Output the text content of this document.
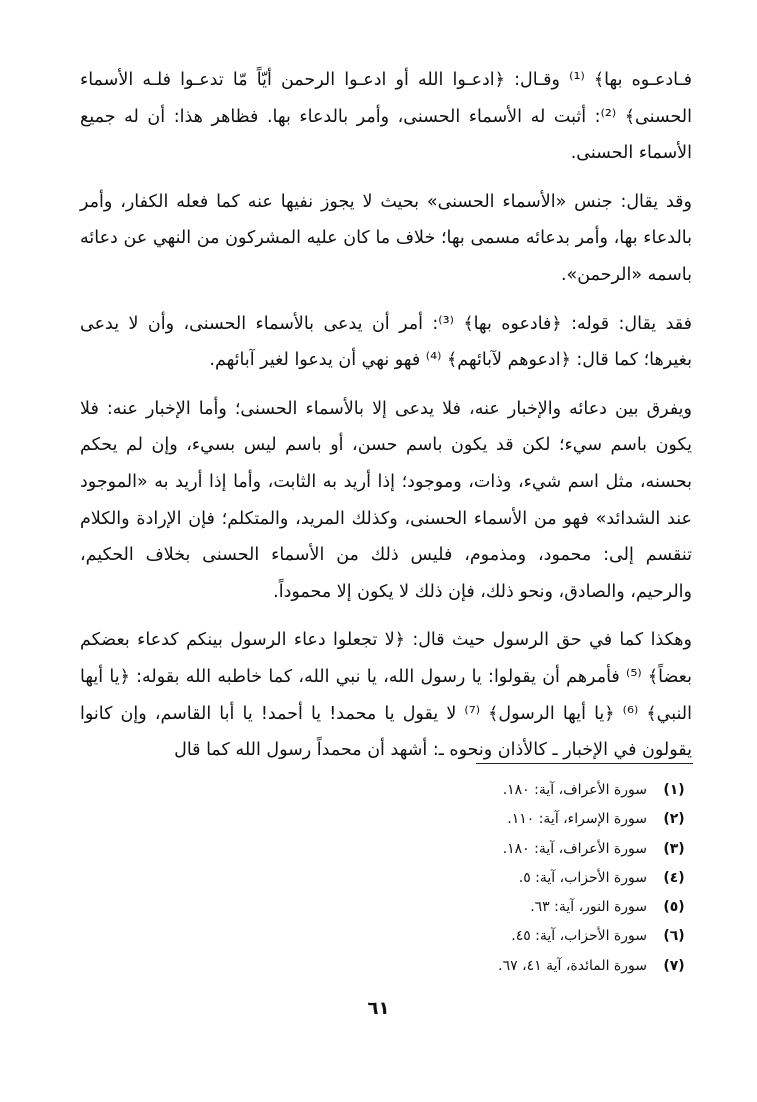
فـادعـوه بها﴾ ⁽¹⁾ وقـال: ﴿ادعـوا الله أو ادعـوا الرحمن أيّاً مّا تدعـوا فلـه الأسماء الحسنى﴾ ⁽²⁾: أثبت له الأسماء الحسنى، وأمر بالدعاء بها. فظاهر هذا: أن له جميع الأسماء الحسنى.

وقد يقال: جنس «الأسماء الحسنى» بحيث لا يجوز نفيها عنه كما فعله الكفار، وأمر بالدعاء بها، وأمر بدعائه مسمى بها؛ خلاف ما كان عليه المشركون من النهي عن دعائه باسمه «الرحمن».

فقد يقال: قوله: ﴿فادعوه بها﴾ ⁽³⁾: أمر أن يدعى بالأسماء الحسنى، وأن لا يدعى بغيرها؛ كما قال: ﴿ادعوهم لآبائهم﴾ ⁽⁴⁾ فهو نهي أن يدعوا لغير آبائهم.

ويفرق بين دعائه والإخبار عنه، فلا يدعى إلا بالأسماء الحسنى؛ وأما الإخبار عنه: فلا يكون باسم سيء؛ لكن قد يكون باسم حسن، أو باسم ليس بسيء، وإن لم يحكم بحسنه، مثل اسم شيء، وذات، وموجود؛ إذا أريد به الثابت، وأما إذا أريد به «الموجود عند الشدائد» فهو من الأسماء الحسنى، وكذلك المريد، والمتكلم؛ فإن الإرادة والكلام تنقسم إلى: محمود، ومذموم، فليس ذلك من الأسماء الحسنى بخلاف الحكيم، والرحيم، والصادق، ونحو ذلك، فإن ذلك لا يكون إلا محموداً.

وهكذا كما في حق الرسول حيث قال: ﴿لا تجعلوا دعاء الرسول بينكم كدعاء بعضكم بعضاً﴾ ⁽⁵⁾ فأمرهم أن يقولوا: يا رسول الله، يا نبي الله، كما خاطبه الله بقوله: ﴿يا أيها النبي﴾ ⁽⁶⁾ ﴿يا أيها الرسول﴾ ⁽⁷⁾ لا يقول يا محمد! يا أحمد! يا أبا القاسم، وإن كانوا يقولون في الإخبار ـ كالأذان ونحوه ـ: أشهد أن محمداً رسول الله كما قال

(١)
سورة الأعراف، آية: ١٨٠.
(٢)
سورة الإسراء، آية: ١١٠.
(٣)
سورة الأعراف، آية: ١٨٠.
(٤)
سورة الأحزاب، آية: ٥.
(٥)
سورة النور، آية: ٦٣.
(٦)
سورة الأحزاب، آية: ٤٥.
(٧)
سورة المائدة، آية ٤١، ٦٧.
٦١
